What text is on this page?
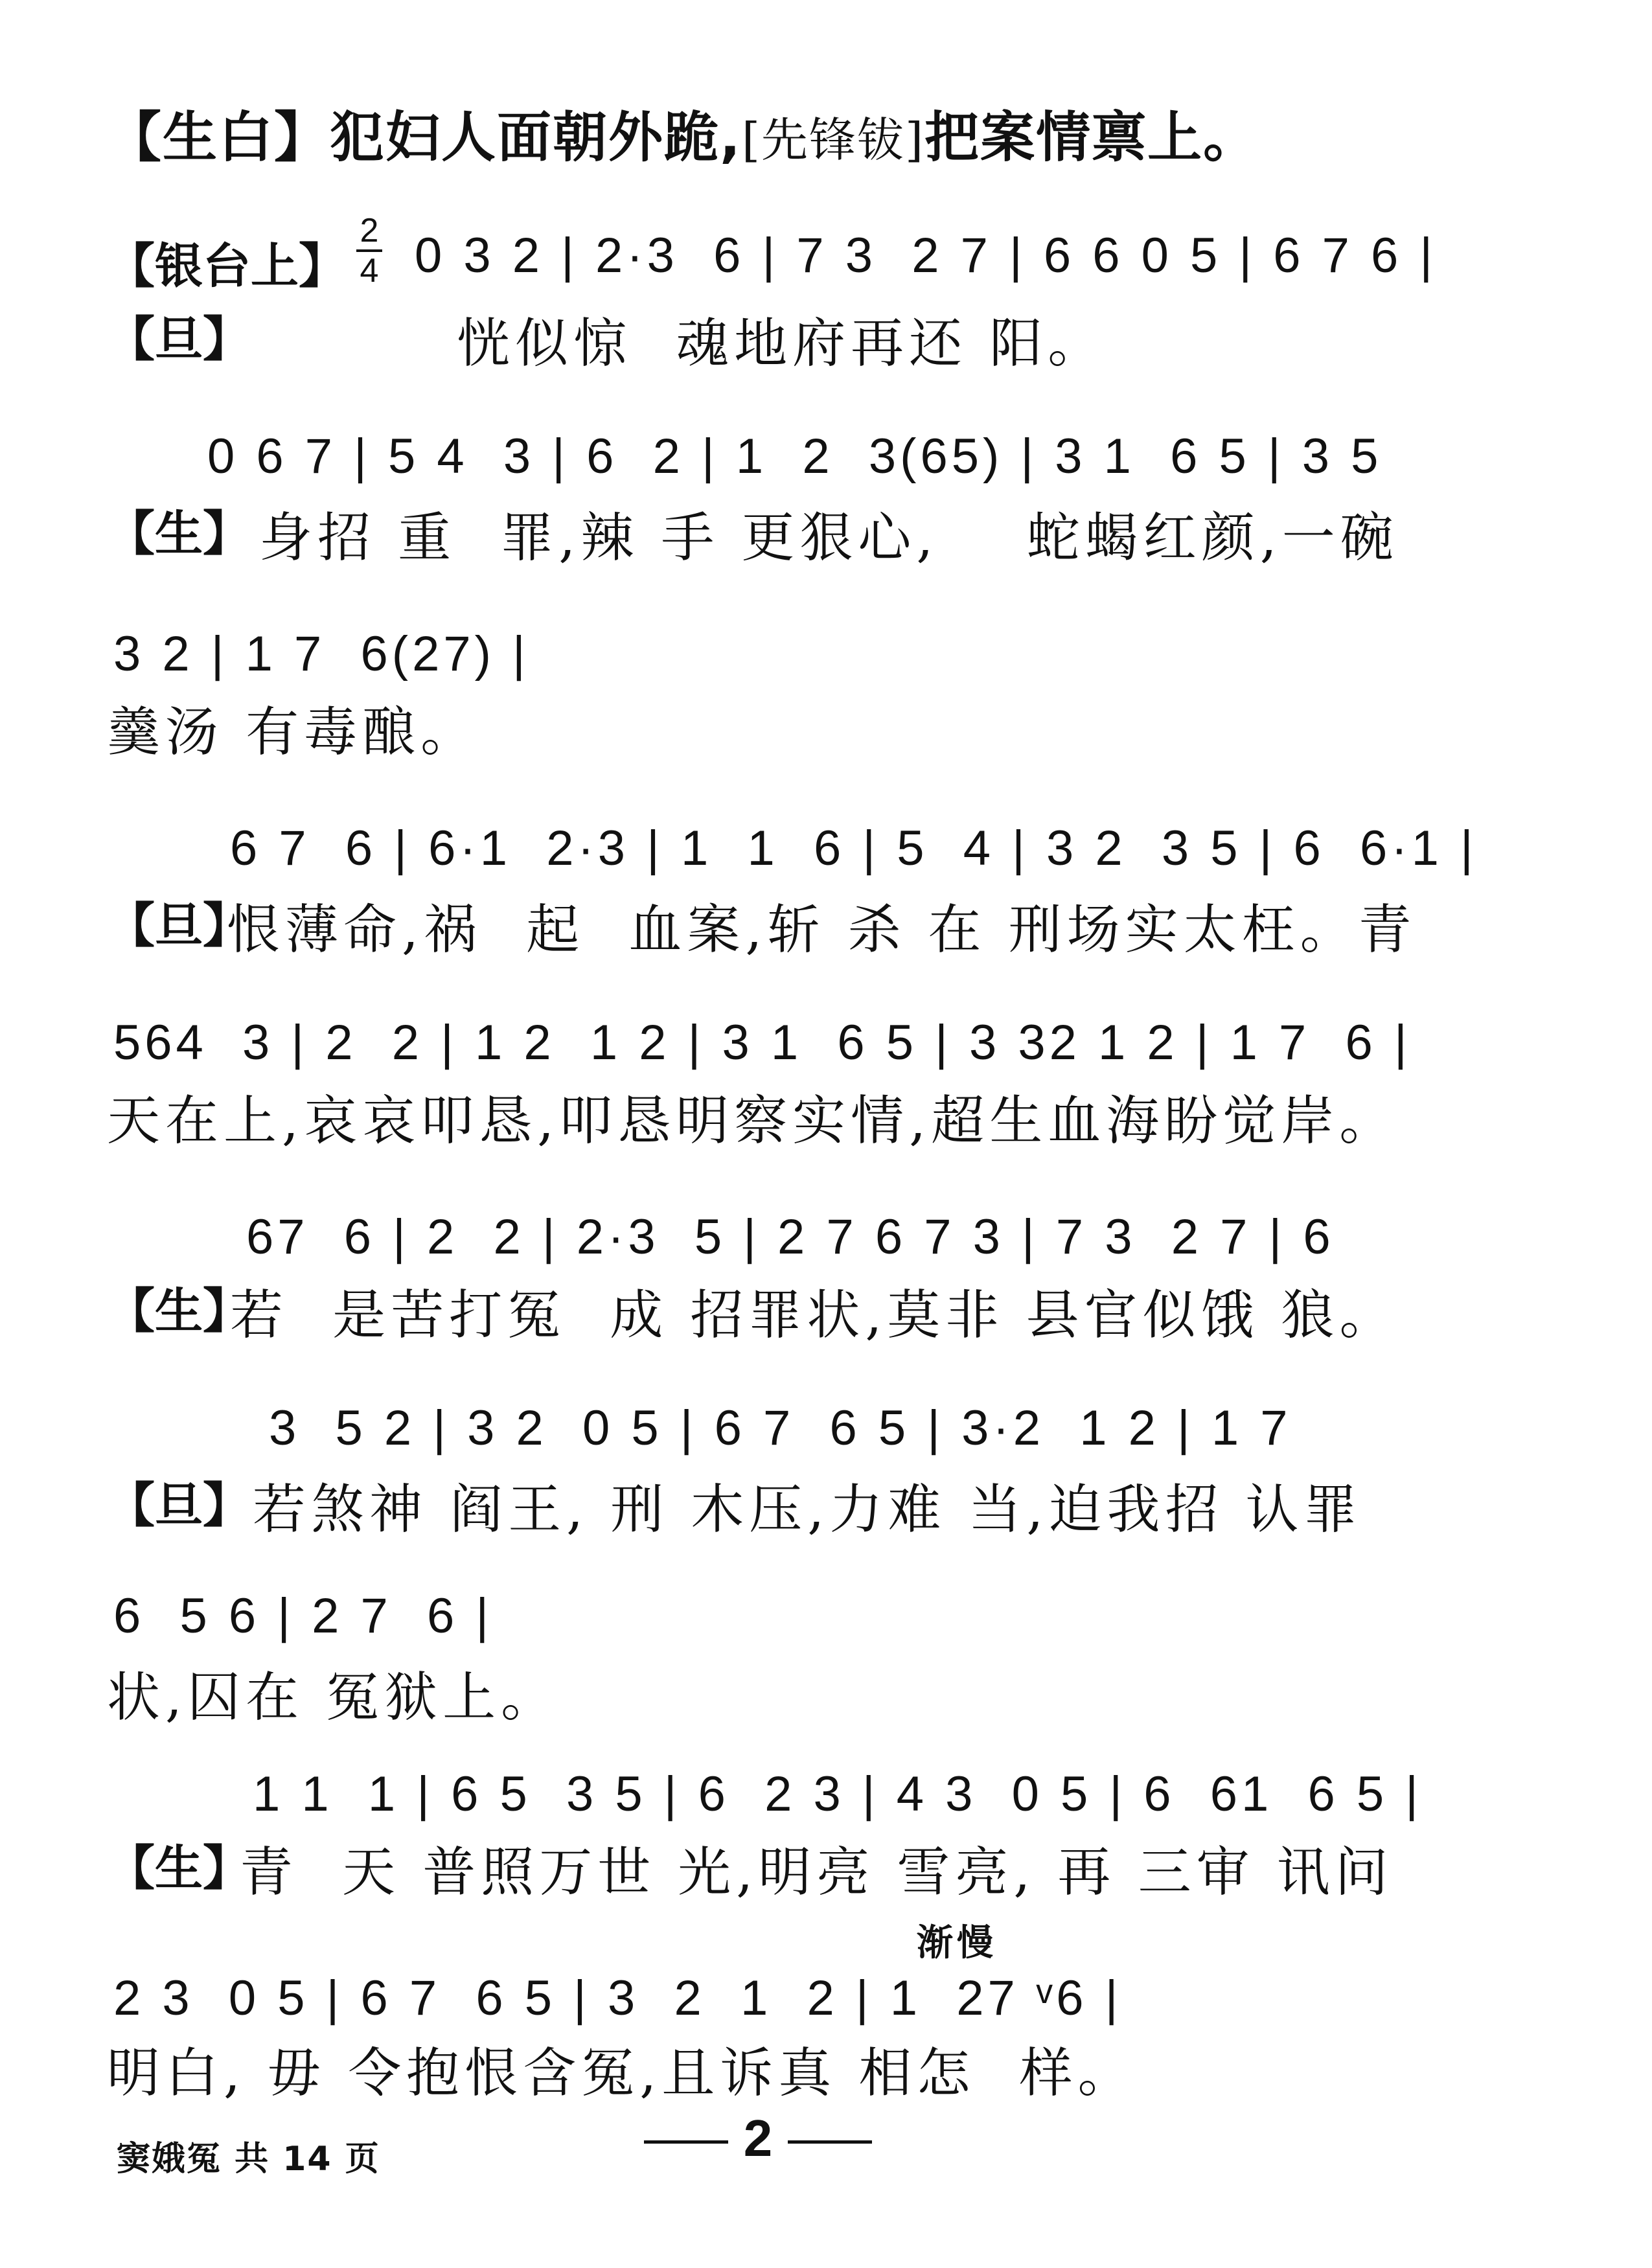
【生白】犯妇人面朝外跪,[先锋钹]把案情禀上。
【银台上】
2
4 0 3 2 | 2·3  6 | 7 3  2 7 | 6 6 0 5 | 6 7 6 |
【旦】	恍似惊  魂地府再还 阳。
0 6 7 | 5 4  3 | 6  2 | 1  2  3(65) | 3 1  6 5 | 3 5
【生】 身招 重  罪,辣 手 更狠心,    蛇蝎红颜,一碗
3 2 | 1 7  6(27) |
羹汤 有毒酿。
6 7  6 | 6·1  2·3 | 1  1  6 | 5  4 | 3 2  3 5 | 6  6·1 |
【旦】
恨薄命,祸  起  血案,斩 杀 在 刑场实太枉。青
564  3 | 2  2 | 1 2  1 2 | 3 1  6 5 | 3 32 1 2 | 1 7  6 |
天在上,哀哀叩恳,叩恳明察实情,超生血海盼觉岸。
67  6 | 2  2 | 2·3  5 | 2 7 6 7 3 | 7 3  2 7 | 6
【生】
若  是苦打冤  成 招罪状,莫非 县官似饿 狼。
3  5 2 | 3 2  0 5 | 6 7  6 5 | 3·2  1 2 | 1 7
【旦】 若煞神 阎王, 刑 木压,力难 当,迫我招 认罪
6  5 6 | 2 7  6 |
状,囚在 冤狱上。
1 1  1 | 6 5  3 5 | 6  2 3 | 4 3  0 5 | 6  61  6 5 |
【生】
青  天 普照万世 光,明亮 雪亮, 再 三审 讯问
渐慢
2 3  0 5 | 6 7  6 5 | 3  2  1  2 | 1  27 ᵛ6 |
明白, 毋 令抱恨含冤,且诉真 相怎  样。
窦娥冤 共 14 页	2
